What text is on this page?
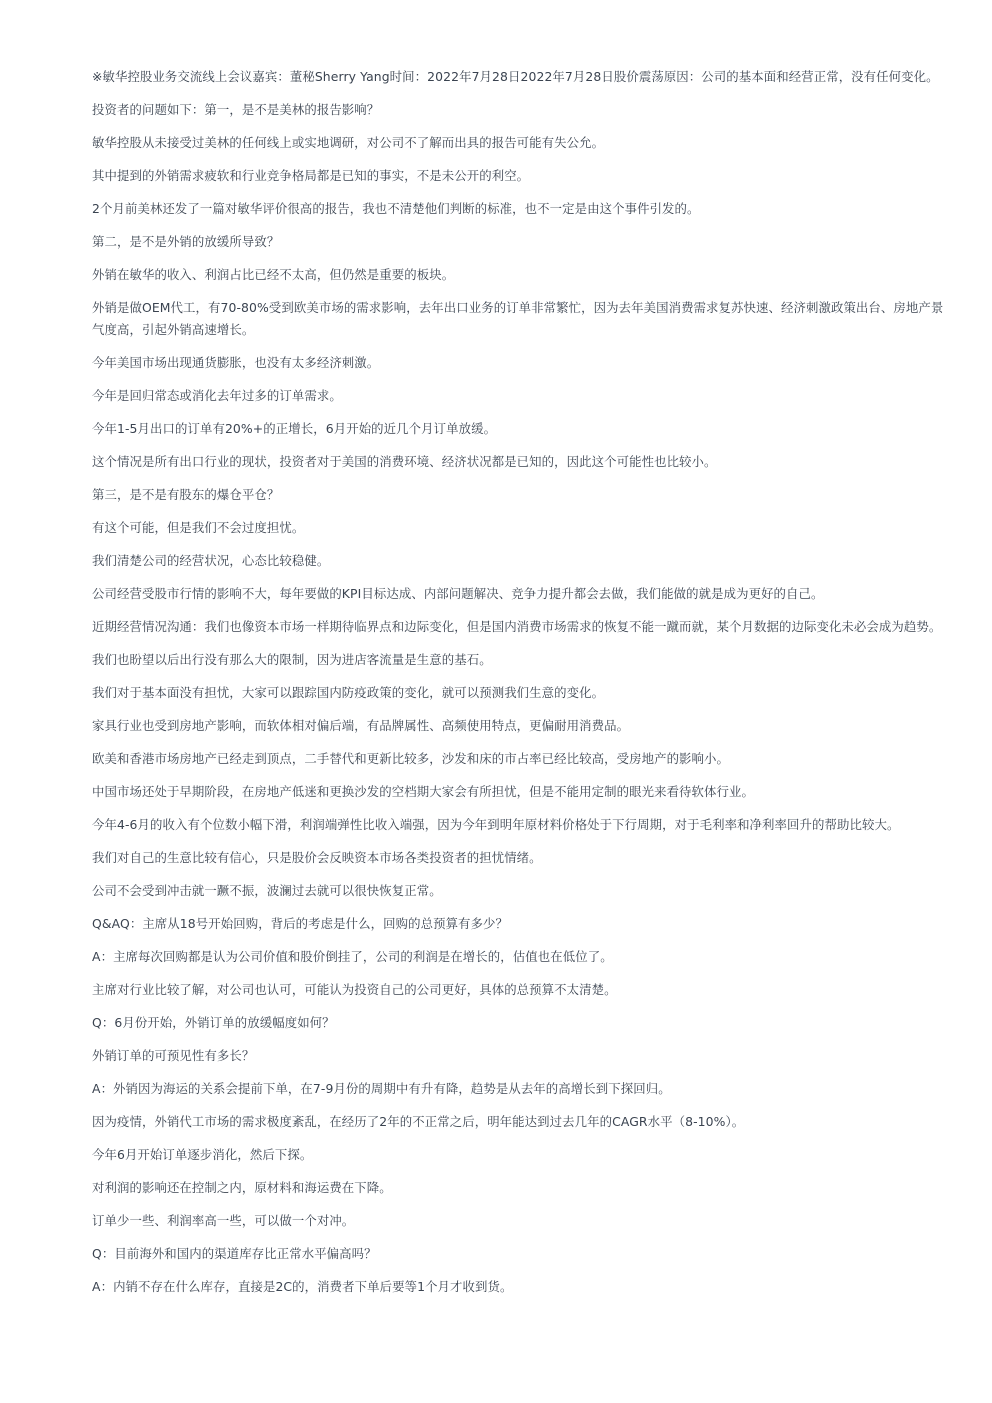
※敏华控股业务交流线上会议嘉宾：董秘Sherry Yang时间：2022年7月28日2022年7月28日股价震荡原因：公司的基本面和经营正常，没有任何变化。

投资者的问题如下：第一，是不是美林的报告影响？

敏华控股从未接受过美林的任何线上或实地调研，对公司不了解而出具的报告可能有失公允。

其中提到的外销需求疲软和行业竞争格局都是已知的事实，不是未公开的利空。

2个月前美林还发了一篇对敏华评价很高的报告，我也不清楚他们判断的标准，也不一定是由这个事件引发的。

第二，是不是外销的放缓所导致？

外销在敏华的收入、利润占比已经不太高，但仍然是重要的板块。

外销是做OEM代工，有70-80%受到欧美市场的需求影响，去年出口业务的订单非常繁忙，因为去年美国消费需求复苏快速、经济刺激政策出台、房地产景气度高，引起外销高速增长。

今年美国市场出现通货膨胀，也没有太多经济刺激。

今年是回归常态或消化去年过多的订单需求。

今年1-5月出口的订单有20%+的正增长，6月开始的近几个月订单放缓。

这个情况是所有出口行业的现状，投资者对于美国的消费环境、经济状况都是已知的，因此这个可能性也比较小。

第三，是不是有股东的爆仓平仓？

有这个可能，但是我们不会过度担忧。

我们清楚公司的经营状况，心态比较稳健。

公司经营受股市行情的影响不大，每年要做的KPI目标达成、内部问题解决、竞争力提升都会去做，我们能做的就是成为更好的自己。

近期经营情况沟通：我们也像资本市场一样期待临界点和边际变化，但是国内消费市场需求的恢复不能一蹴而就，某个月数据的边际变化未必会成为趋势。

我们也盼望以后出行没有那么大的限制，因为进店客流量是生意的基石。

我们对于基本面没有担忧，大家可以跟踪国内防疫政策的变化，就可以预测我们生意的变化。

家具行业也受到房地产影响，而软体相对偏后端，有品牌属性、高频使用特点，更偏耐用消费品。

欧美和香港市场房地产已经走到顶点，二手替代和更新比较多，沙发和床的市占率已经比较高，受房地产的影响小。

中国市场还处于早期阶段，在房地产低迷和更换沙发的空档期大家会有所担忧，但是不能用定制的眼光来看待软体行业。

今年4-6月的收入有个位数小幅下滑，利润端弹性比收入端强，因为今年到明年原材料价格处于下行周期，对于毛利率和净利率回升的帮助比较大。

我们对自己的生意比较有信心，只是股价会反映资本市场各类投资者的担忧情绪。

公司不会受到冲击就一蹶不振，波澜过去就可以很快恢复正常。

Q&AQ：主席从18号开始回购，背后的考虑是什么，回购的总预算有多少？

A：主席每次回购都是认为公司价值和股价倒挂了，公司的利润是在增长的，估值也在低位了。

主席对行业比较了解，对公司也认可，可能认为投资自己的公司更好，具体的总预算不太清楚。

Q：6月份开始，外销订单的放缓幅度如何？

外销订单的可预见性有多长？

A：外销因为海运的关系会提前下单，在7-9月份的周期中有升有降，趋势是从去年的高增长到下探回归。

因为疫情，外销代工市场的需求极度紊乱，在经历了2年的不正常之后，明年能达到过去几年的CAGR水平（8-10%）。

今年6月开始订单逐步消化，然后下探。

对利润的影响还在控制之内，原材料和海运费在下降。

订单少一些、利润率高一些，可以做一个对冲。

Q：目前海外和国内的渠道库存比正常水平偏高吗？

A：内销不存在什么库存，直接是2C的，消费者下单后要等1个月才收到货。
